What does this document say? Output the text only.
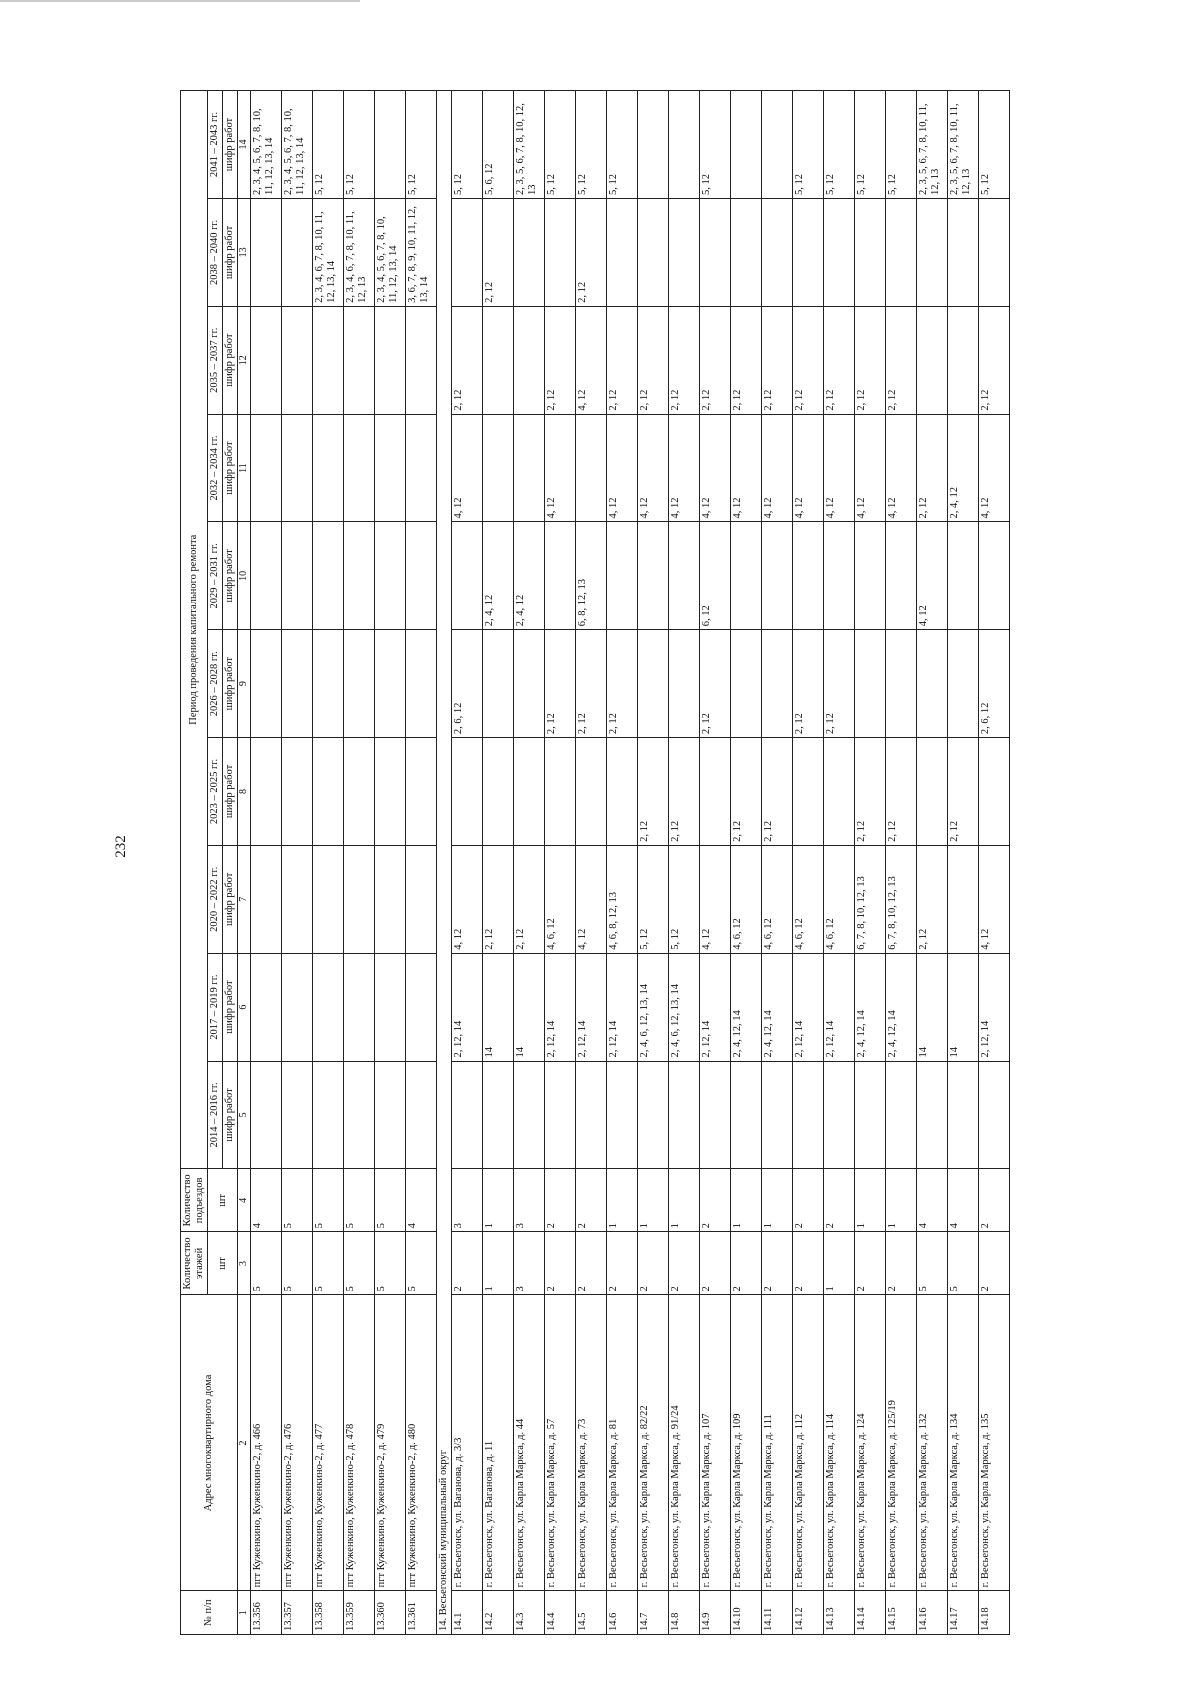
232
№ п/п	Адрес многоквартирного дома	Количество этажей	Количество подъездов	Период проведения капитального ремонта									
		шт	шт	2014 – 2016 гг.	2017 – 2019 гг.	2020 – 2022 гг.	2023 – 2025 гг.	2026 – 2028 гг.	2029 – 2031 гг.	2032 – 2034 гг.	2035 – 2037 гг.	2038 – 2040 гг.	2041 – 2043 гг.
				шифр работ	шифр работ	шифр работ	шифр работ	шифр работ	шифр работ	шифр работ	шифр работ	шифр работ	шифр работ
1	2	3	4	5	6	7	8	9	10	11	12	13	14
13.356	пгт Кужeнкино, Кужeнкино-2, д. 466	5	4										2, 3, 4, 5, 6, 7, 8, 10, 11, 12, 13, 14
13.357	пгт Кужeнкино, Кужeнкино-2, д. 476	5	5										2, 3, 4, 5, 6, 7, 8, 10, 11, 12, 13, 14
13.358	пгт Кужeнкино, Кужeнкино-2, д. 477	5	5									2, 3, 4, 6, 7, 8, 10, 11, 12, 13, 14	5, 12
13.359	пгт Кужeнкино, Кужeнкино-2, д. 478	5	5									2, 3, 4, 6, 7, 8, 10, 11, 12, 13	5, 12
13.360	пгт Кужeнкино, Кужeнкино-2, д. 479	5	5									2, 3, 4, 5, 6, 7, 8, 10, 11, 12, 13, 14	
13.361	пгт Кужeнкино, Кужeнкино-2, д. 480	5	4									3, 6, 7, 8, 9, 10, 11, 12, 13, 14	5, 12
14. Весьегонский муниципальный округ													
14.1	г. Весьегонск, ул. Ваганова, д. 3/3	2	3		2, 12, 14	4, 12		2, 6, 12		4, 12	2, 12		5, 12
14.2	г. Весьегонск, ул. Ваганова, д. 11	1	1		14	2, 12			2, 4, 12			2, 12	5, 6, 12
14.3	г. Весьегонск, ул. Карла Маркса, д. 44	3	3		14	2, 12			2, 4, 12				2, 3, 5, 6, 7, 8, 10, 12, 13
14.4	г. Весьегонск, ул. Карла Маркса, д. 57	2	2		2, 12, 14	4, 6, 12		2, 12		4, 12	2, 12		5, 12
14.5	г. Весьегонск, ул. Карла Маркса, д. 73	2	2		2, 12, 14	4, 12		2, 12	6, 8, 12, 13		4, 12	2, 12	5, 12
14.6	г. Весьегонск, ул. Карла Маркса, д. 81	2	1		2, 12, 14	4, 6, 8, 12, 13		2, 12		4, 12	2, 12		5, 12
14.7	г. Весьегонск, ул. Карла Маркса, д. 82/22	2	1		2, 4, 6, 12, 13, 14	5, 12	2, 12			4, 12	2, 12		
14.8	г. Весьегонск, ул. Карла Маркса, д. 91/24	2	1		2, 4, 6, 12, 13, 14	5, 12	2, 12			4, 12	2, 12		
14.9	г. Весьегонск, ул. Карла Маркса, д. 107	2	2		2, 12, 14	4, 12		2, 12	6, 12	4, 12	2, 12		5, 12
14.10	г. Весьегонск, ул. Карла Маркса, д. 109	2	1		2, 4, 12, 14	4, 6, 12	2, 12			4, 12	2, 12		
14.11	г. Весьегонск, ул. Карла Маркса, д. 111	2	1		2, 4, 12, 14	4, 6, 12	2, 12			4, 12	2, 12		
14.12	г. Весьегонск, ул. Карла Маркса, д. 112	2	2		2, 12, 14	4, 6, 12		2, 12		4, 12	2, 12		5, 12
14.13	г. Весьегонск, ул. Карла Маркса, д. 114	1	2		2, 12, 14	4, 6, 12		2, 12		4, 12	2, 12		5, 12
14.14	г. Весьегонск, ул. Карла Маркса, д. 124	2	1		2, 4, 12, 14	6, 7, 8, 10, 12, 13	2, 12			4, 12	2, 12		5, 12
14.15	г. Весьегонск, ул. Карла Маркса, д. 125/19	2	1		2, 4, 12, 14	6, 7, 8, 10, 12, 13	2, 12			4, 12	2, 12		5, 12
14.16	г. Весьегонск, ул. Карла Маркса, д. 132	5	4		14	2, 12			4, 12	2, 12			2, 3, 5, 6, 7, 8, 10, 11, 12, 13
14.17	г. Весьегонск, ул. Карла Маркса, д. 134	5	4		14		2, 12			2, 4, 12			2, 3, 5, 6, 7, 8, 10, 11, 12, 13
14.18	г. Весьегонск, ул. Карла Маркса, д. 135	2	2		2, 12, 14	4, 12		2, 6, 12		4, 12	2, 12		5, 12
